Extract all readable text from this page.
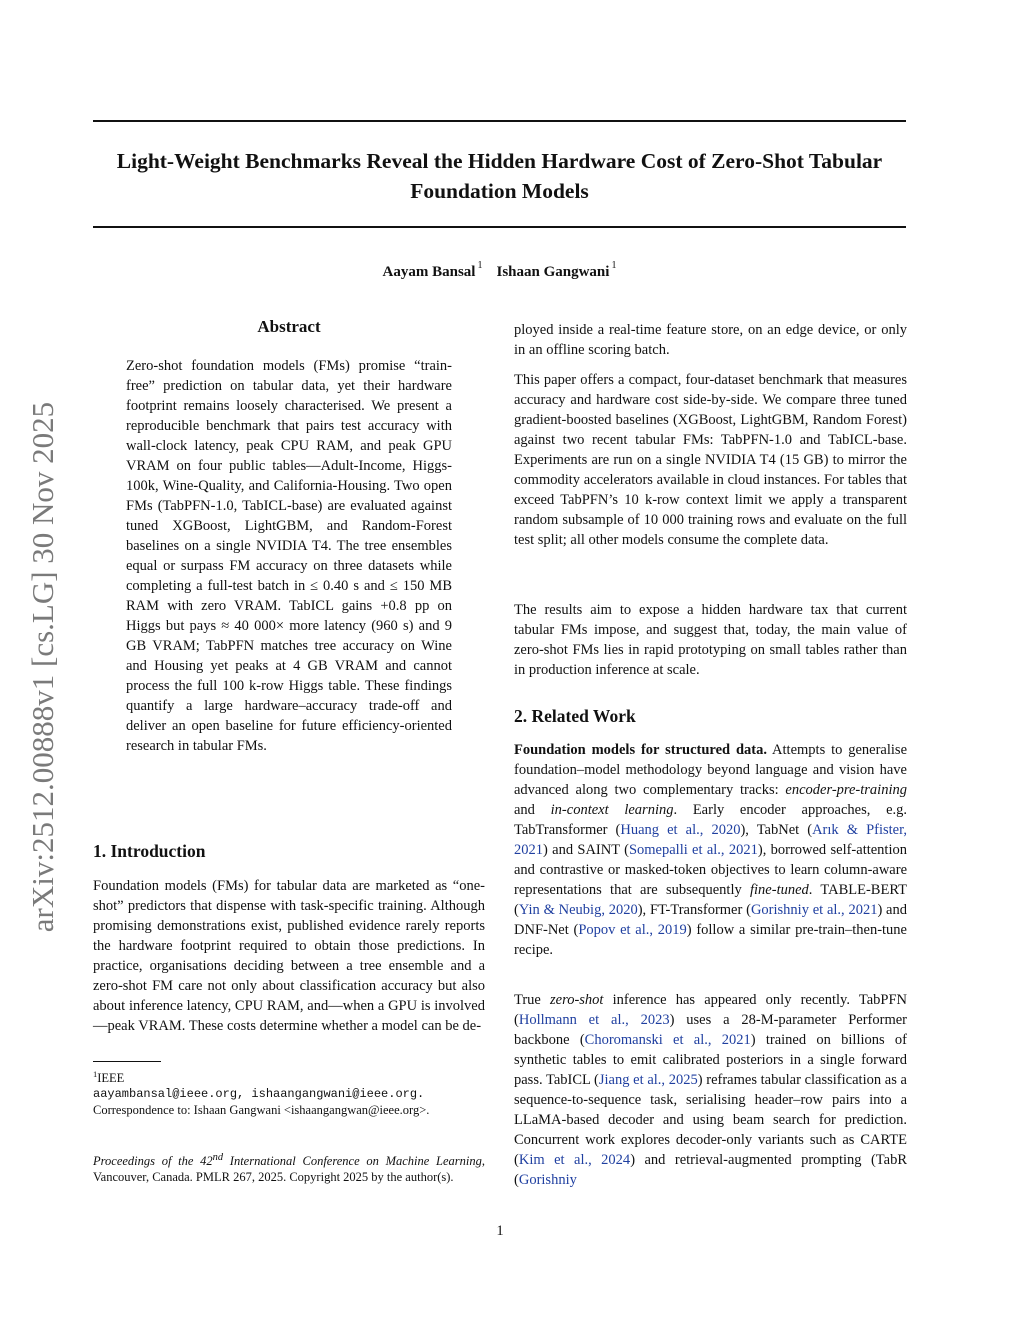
Light-Weight Benchmarks Reveal the Hidden Hardware Cost of Zero-Shot Tabular Foundation Models
Aayam Bansal $^1$ Ishaan Gangwani $^1$
arXiv:2512.00888v1 [cs.LG] 30 Nov 2025
Abstract
Zero-shot foundation models (FMs) promise “train-free” prediction on tabular data, yet their hardware footprint remains loosely characterised. We present a reproducible benchmark that pairs test accuracy with wall-clock latency, peak CPU RAM, and peak GPU VRAM on four public tables—Adult-Income, Higgs-100k, Wine-Quality, and California-Housing. Two open FMs (TabPFN-1.0, TabICL-base) are evaluated against tuned XGBoost, LightGBM, and Random-Forest baselines on a single NVIDIA T4. The tree ensembles equal or surpass FM accuracy on three datasets while completing a full-test batch in ≤ 0.40 s and ≤ 150 MB RAM with zero VRAM. TabICL gains +0.8 pp on Higgs but pays ≈ 40 000× more latency (960 s) and 9 GB VRAM; TabPFN matches tree accuracy on Wine and Housing yet peaks at 4 GB VRAM and cannot process the full 100 k-row Higgs table. These findings quantify a large hardware–accuracy trade-off and deliver an open baseline for future efficiency-oriented research in tabular FMs.
1. Introduction
Foundation models (FMs) for tabular data are marketed as “one-shot” predictors that dispense with task-specific training. Although promising demonstrations exist, published evidence rarely reports the hardware footprint required to obtain those predictions. In practice, organisations deciding between a tree ensemble and a zero-shot FM care not only about classification accuracy but also about inference latency, CPU RAM, and—when a GPU is involved—peak VRAM. These costs determine whether a model can be de-
$^1$IEEE
aayambansal@ieee.org, ishaangangwani@ieee.org.
Correspondence to: Ishaan Gangwani <ishaangangwan@ieee.org>.
Proceedings of the 42nd International Conference on Machine Learning, Vancouver, Canada. PMLR 267, 2025. Copyright 2025 by the author(s).
ployed inside a real-time feature store, on an edge device, or only in an offline scoring batch.
This paper offers a compact, four-dataset benchmark that measures accuracy and hardware cost side-by-side. We compare three tuned gradient-boosted baselines (XGBoost, LightGBM, Random Forest) against two recent tabular FMs: TabPFN-1.0 and TabICL-base. Experiments are run on a single NVIDIA T4 (15 GB) to mirror the commodity accelerators available in cloud instances. For tables that exceed TabPFN’s 10 k-row context limit we apply a transparent random subsample of 10 000 training rows and evaluate on the full test split; all other models consume the complete data.
The results aim to expose a hidden hardware tax that current tabular FMs impose, and suggest that, today, the main value of zero-shot FMs lies in rapid prototyping on small tables rather than in production inference at scale.
2. Related Work
Foundation models for structured data. Attempts to generalise foundation–model methodology beyond language and vision have advanced along two complementary tracks: encoder-pre-training and in-context learning. Early encoder approaches, e.g. TabTransformer (Huang et al., 2020), TabNet (Arık & Pfister, 2021) and SAINT (Somepalli et al., 2021), borrowed self-attention and contrastive or masked-token objectives to learn column-aware representations that are subsequently fine-tuned. TABLE-BERT (Yin & Neubig, 2020), FT-Transformer (Gorishniy et al., 2021) and DNF-Net (Popov et al., 2019) follow a similar pre-train–then-tune recipe.
True zero-shot inference has appeared only recently. TabPFN (Hollmann et al., 2023) uses a 28-M-parameter Performer backbone (Choromanski et al., 2021) trained on billions of synthetic tables to emit calibrated posteriors in a single forward pass. TabICL (Jiang et al., 2025) reframes tabular classification as a sequence-to-sequence task, serialising header–row pairs into a LLaMA-based decoder and using beam search for prediction. Concurrent work explores decoder-only variants such as CARTE (Kim et al., 2024) and retrieval-augmented prompting (TabR (Gorishniy
1
